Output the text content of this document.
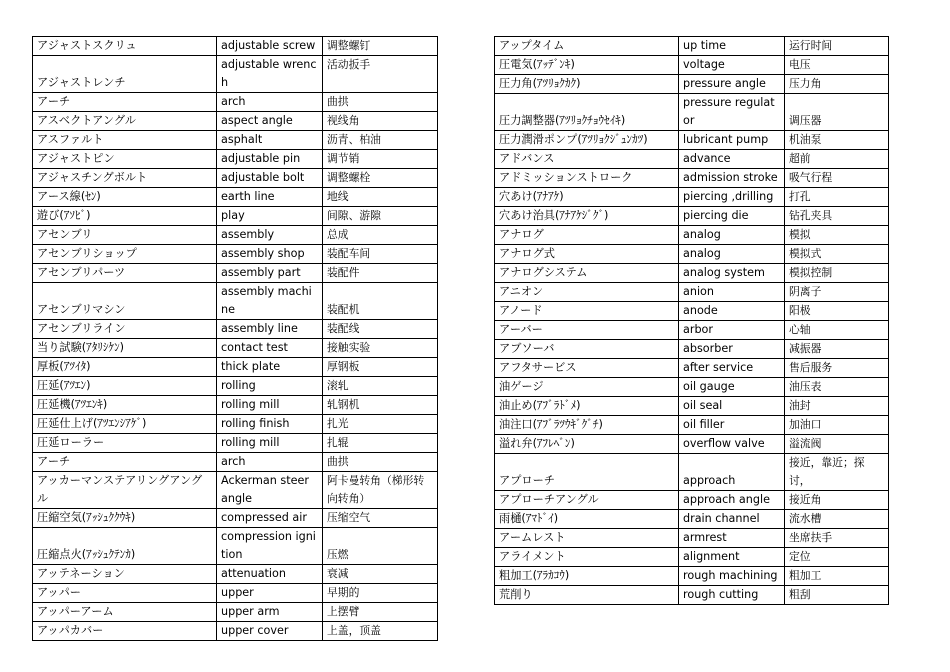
アジャストスクリュ	adjustable screw	调整螺钉
アジャストレンチ	adjustable wrench	活动扳手
アーチ	arch	曲拱
アスベクトアングル	aspect angle	视线角
アスファルト	asphalt	沥青、柏油
アジャストピン	adjustable pin	调节销
アジャスチングボルト	adjustable bolt	调整螺栓
アース線(ｾﾝ)	earth line	地线
遊び(ｱｿﾋﾞ)	play	间隙、游隙
アセンブリ	assembly	总成
アセンブリショップ	assembly shop	装配车间
アセンブリパーツ	assembly part	装配件
アセンブリマシン	assembly machine	装配机
アセンブリライン	assembly line	装配线
当り試験(ｱﾀﾘｼｹﾝ)	contact test	接触实验
厚板(ｱﾂｲﾀ)	thick plate	厚钢板
圧延(ｱﾂｴﾝ)	rolling	滚轧
圧延機(ｱﾂｴﾝｷ)	rolling mill	轧钢机
圧延仕上げ(ｱﾂｴﾝｼｱｹﾞ)	rolling finish	扎光
圧延ローラー	rolling mill	扎辊
アーチ	arch	曲拱
アッカーマンステアリングアングル	Ackerman steer angle	阿卡曼转角（梯形转向转角）
圧縮空気(ｱｯｼｭｸｸｳｷ)	compressed air	压缩空气
圧縮点火(ｱｯｼｭｸﾃﾝｶ)	compression ignition	压燃
アッテネーション	attenuation	衰减
アッパー	upper	早期的
アッパーアーム	upper arm	上摆臂
アッパカバー	upper cover	上盖，顶盖
アップタイム	up time	运行时间
圧電気(ｱｯﾃﾞﾝｷ)	voltage	电压
圧力角(ｱﾂﾘｮｸｶｸ)	pressure angle	压力角
圧力調整器(ｱﾂﾘｮｸﾁｮｳｾｲｷ)	pressure regulator	调压器
圧力潤滑ポンプ(ｱﾂﾘｮｸｼﾞｭﾝｶﾂ)	lubricant pump	机油泵
アドバンス	advance	超前
アドミッションストローク	admission stroke	吸气行程
穴あけ(ｱﾅｱｹ)	piercing ,drilling	打孔
穴あけ治具(ｱﾅｱｹｼﾞｸﾞ)	piercing die	钻孔夹具
アナログ	analog	模拟
アナログ式	analog	模拟式
アナログシステム	analog system	模拟控制
アニオン	anion	阴离子
アノード	anode	阳极
アーバー	arbor	心轴
アブソーバ	absorber	减振器
アフタサービス	after service	售后服务
油ゲージ	oil gauge	油压表
油止め(ｱﾌﾞﾗﾄﾞﾒ)	oil seal	油封
油注口(ｱﾌﾞﾗﾂｳｷﾞｸﾞﾁ)	oil filler	加油口
溢れ弁(ｱﾌﾚﾍﾞﾝ)	overflow valve	溢流阀
アプローチ	approach	接近，靠近；探讨，
アプローチアングル	approach angle	接近角
雨樋(ｱﾏﾄﾞｲ)	drain channel	流水槽
アームレスト	armrest	坐席扶手
アライメント	alignment	定位
粗加工(ｱﾗｶｺｳ)	rough machining	粗加工
荒削り	rough cutting	粗刮
